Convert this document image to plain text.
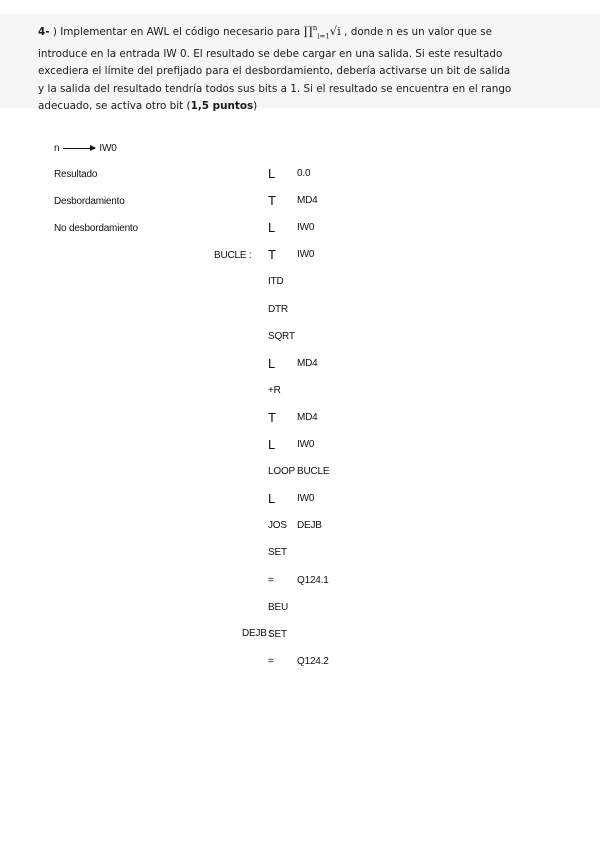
4- ) Implementar en AWL el código necesario para ∏$^n_{i=1}$√i , donde n es un valor que se
introduce en la entrada IW 0. El resultado se debe cargar en una salida. Si este resultado
excediera el límite del prefijado para el desbordamiento, debería activarse un bit de salida
y la salida del resultado tendría todos sus bits a 1. Si el resultado se encuentra en el rango
adecuado, se activa otro bit (1,5 puntos)
n	IW0
Resultado
Desbordamiento
No desbordamiento
BUCLE :
DEJB :
L 0.0
T MD4
L IW0
T IW0
ITD
DTR
SQRT
L MD4
+R
T MD4
L IW0
LOOP BUCLE
L IW0
JOS DEJB
SET
= Q124.1
BEU
SET
= Q124.2
